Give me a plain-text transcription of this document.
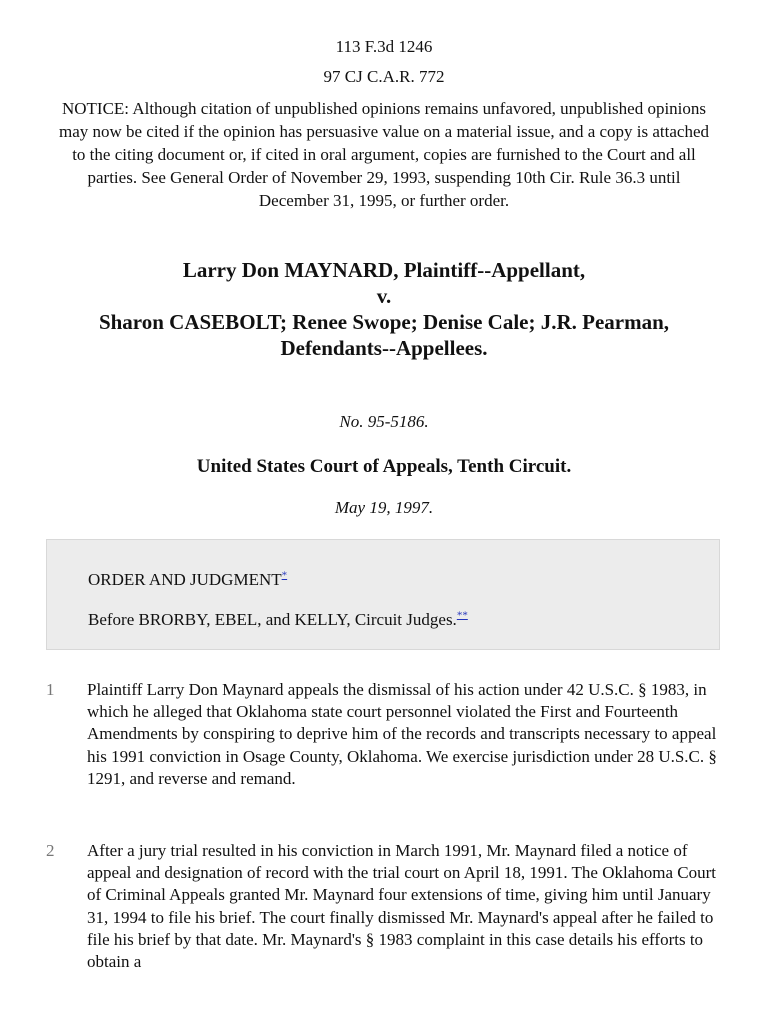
113 F.3d 1246
97 CJ C.A.R. 772
NOTICE: Although citation of unpublished opinions remains unfavored, unpublished opinions may now be cited if the opinion has persuasive value on a material issue, and a copy is attached to the citing document or, if cited in oral argument, copies are furnished to the Court and all parties. See General Order of November 29, 1993, suspending 10th Cir. Rule 36.3 until December 31, 1995, or further order.
Larry Don MAYNARD, Plaintiff--Appellant,
v.
Sharon CASEBOLT; Renee Swope; Denise Cale; J.R. Pearman,
Defendants--Appellees.
No. 95-5186.
United States Court of Appeals, Tenth Circuit.
May 19, 1997.
ORDER AND JUDGMENT*
Before BRORBY, EBEL, and KELLY, Circuit Judges.**
1 Plaintiff Larry Don Maynard appeals the dismissal of his action under 42 U.S.C. § 1983, in which he alleged that Oklahoma state court personnel violated the First and Fourteenth Amendments by conspiring to deprive him of the records and transcripts necessary to appeal his 1991 conviction in Osage County, Oklahoma. We exercise jurisdiction under 28 U.S.C. § 1291, and reverse and remand.
2 After a jury trial resulted in his conviction in March 1991, Mr. Maynard filed a notice of appeal and designation of record with the trial court on April 18, 1991. The Oklahoma Court of Criminal Appeals granted Mr. Maynard four extensions of time, giving him until January 31, 1994 to file his brief. The court finally dismissed Mr. Maynard's appeal after he failed to file his brief by that date. Mr. Maynard's § 1983 complaint in this case details his efforts to obtain a
